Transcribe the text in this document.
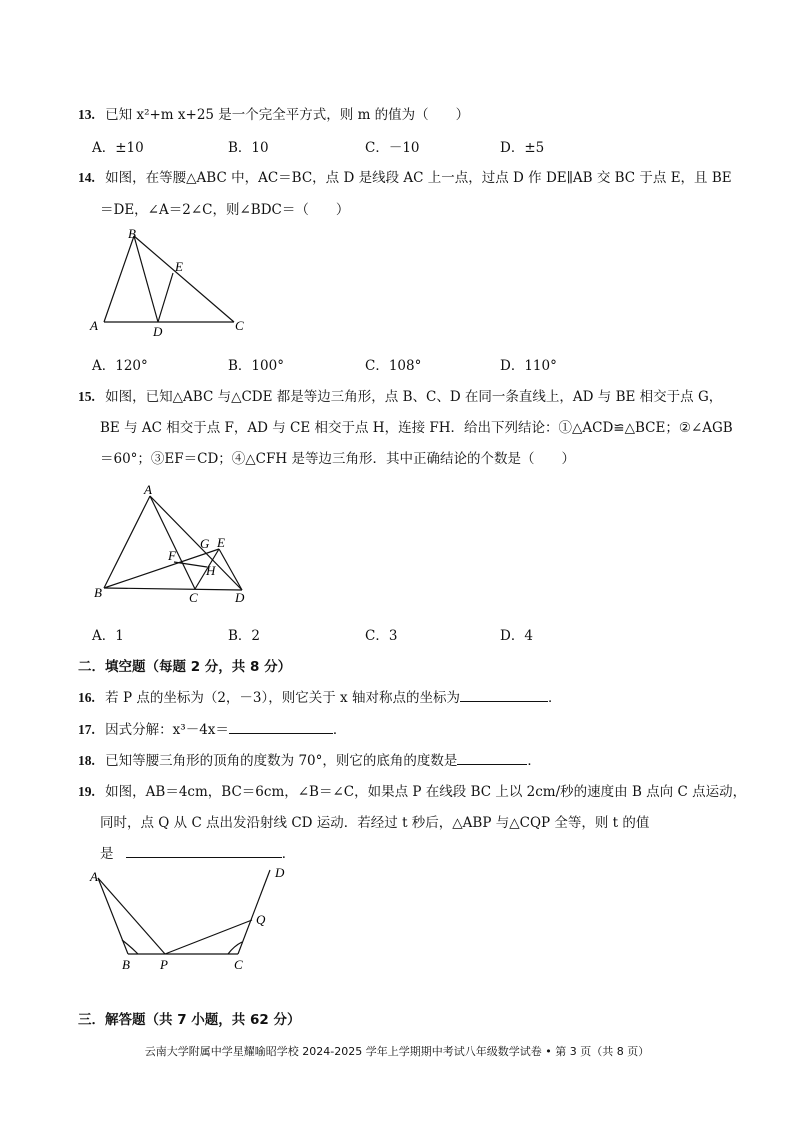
13. 已知 x²+m x+25 是一个完全平方式，则 m 的值为（　　）
A．±10	B．10	C．－10	D．±5
14. 如图，在等腰△ABC 中，AC＝BC，点 D 是线段 AC 上一点，过点 D 作 DE∥AB 交 BC 于点 E，且 BE
＝DE，∠A＝2∠C，则∠BDC＝（　　）
B
E
A	D	C
A．120°	B．100°	C．108°	D．110°
15. 如图，已知△ABC 与△CDE 都是等边三角形，点 B、C、D 在同一条直线上，AD 与 BE 相交于点 G，
BE 与 AC 相交于点 F，AD 与 CE 相交于点 H，连接 FH．给出下列结论：①△ACD≌△BCE；②∠AGB
＝60°；③EF＝CD；④△CFH 是等边三角形．其中正确结论的个数是（　　）
A
G E
F
H
B	C	D
A．1	B．2	C．3	D．4
二．填空题（每题 2 分，共 8 分）
16. 若 P 点的坐标为（2，－3），则它关于 x 轴对称点的坐标为	．
17. 因式分解：x³－4x＝	．
18. 已知等腰三角形的顶角的度数为 70°，则它的底角的度数是	．
19. 如图，AB＝4cm，BC＝6cm，∠B＝∠C，如果点 P 在线段 BC 上以 2cm/秒的速度由 B 点向 C 点运动，
同时，点 Q 从 C 点出发沿射线 CD 运动．若经过 t 秒后，△ABP 与△CQP 全等，则 t 的值
是	．
A	D
Q
B P	C
三．解答题（共 7 小题，共 62 分）
云南大学附属中学星耀喻昭学校 2024-2025 学年上学期期中考试八年级数学试卷 • 第 3 页（共 8 页）
